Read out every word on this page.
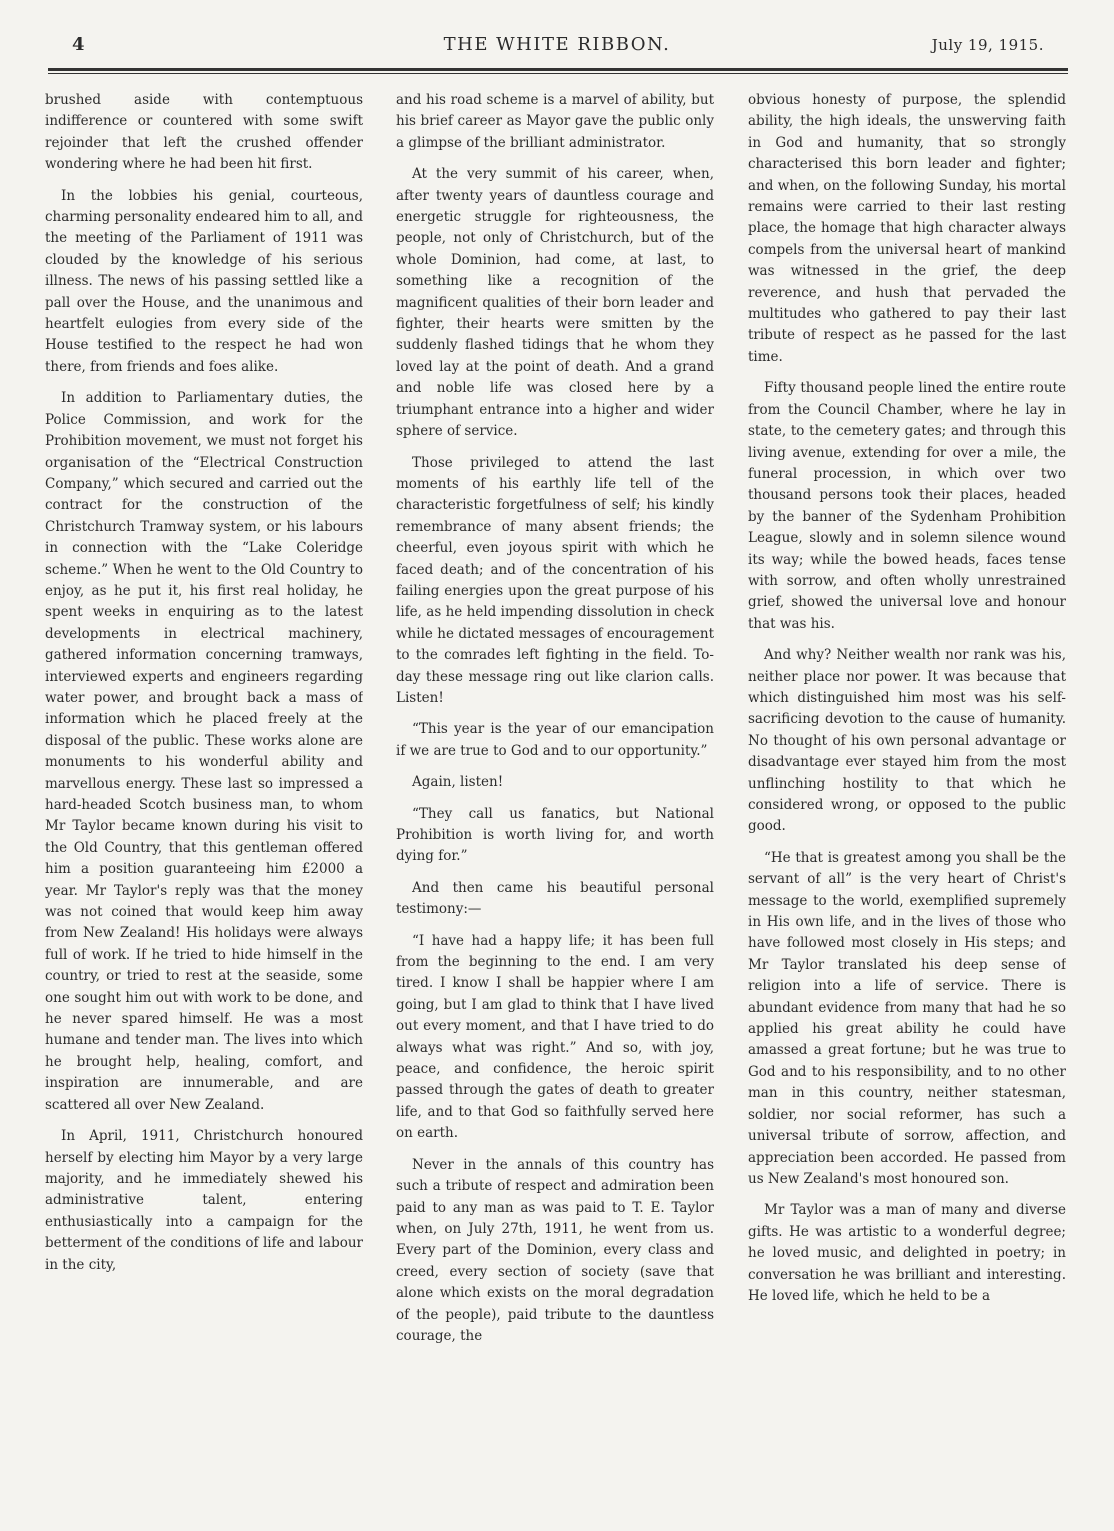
4	THE WHITE RIBBON.	July 19, 1915.

brushed aside with contemptuous indifference or countered with some swift rejoinder that left the crushed offender wondering where he had been hit first.

In the lobbies his genial, courteous, charming personality endeared him to all, and the meeting of the Parliament of 1911 was clouded by the knowledge of his serious illness. The news of his passing settled like a pall over the House, and the unanimous and heartfelt eulogies from every side of the House testified to the respect he had won there, from friends and foes alike.

In addition to Parliamentary duties, the Police Commission, and work for the Prohibition movement, we must not forget his organisation of the “Electrical Construction Company,” which secured and carried out the contract for the construction of the Christchurch Tramway system, or his labours in connection with the “Lake Coleridge scheme.” When he went to the Old Country to enjoy, as he put it, his first real holiday, he spent weeks in enquiring as to the latest developments in electrical machinery, gathered information concerning tramways, interviewed experts and engineers regarding water power, and brought back a mass of information which he placed freely at the disposal of the public. These works alone are monuments to his wonderful ability and marvellous energy. These last so impressed a hard-headed Scotch business man, to whom Mr Taylor became known during his visit to the Old Country, that this gentleman offered him a position guaranteeing him £2000 a year. Mr Taylor's reply was that the money was not coined that would keep him away from New Zealand! His holidays were always full of work. If he tried to hide himself in the country, or tried to rest at the seaside, some one sought him out with work to be done, and he never spared himself. He was a most humane and tender man. The lives into which he brought help, healing, comfort, and inspiration are innumerable, and are scattered all over New Zealand.

In April, 1911, Christchurch honoured herself by electing him Mayor by a very large majority, and he immediately shewed his administrative talent, entering enthusiastically into a campaign for the betterment of the conditions of life and labour in the city,

and his road scheme is a marvel of ability, but his brief career as Mayor gave the public only a glimpse of the brilliant administrator.

At the very summit of his career, when, after twenty years of dauntless courage and energetic struggle for righteousness, the people, not only of Christchurch, but of the whole Dominion, had come, at last, to something like a recognition of the magnificent qualities of their born leader and fighter, their hearts were smitten by the suddenly flashed tidings that he whom they loved lay at the point of death. And a grand and noble life was closed here by a triumphant entrance into a higher and wider sphere of service.

Those privileged to attend the last moments of his earthly life tell of the characteristic forgetfulness of self; his kindly remembrance of many absent friends; the cheerful, even joyous spirit with which he faced death; and of the concentration of his failing energies upon the great purpose of his life, as he held impending dissolution in check while he dictated messages of encouragement to the comrades left fighting in the field. To-day these message ring out like clarion calls. Listen!

“This year is the year of our emancipation if we are true to God and to our opportunity.”

Again, listen!

“They call us fanatics, but National Prohibition is worth living for, and worth dying for.”

And then came his beautiful personal testimony:—

“I have had a happy life; it has been full from the beginning to the end. I am very tired. I know I shall be happier where I am going, but I am glad to think that I have lived out every moment, and that I have tried to do always what was right.” And so, with joy, peace, and confidence, the heroic spirit passed through the gates of death to greater life, and to that God so faithfully served here on earth.

Never in the annals of this country has such a tribute of respect and admiration been paid to any man as was paid to T. E. Taylor when, on July 27th, 1911, he went from us. Every part of the Dominion, every class and creed, every section of society (save that alone which exists on the moral degradation of the people), paid tribute to the dauntless courage, the

obvious honesty of purpose, the splendid ability, the high ideals, the unswerving faith in God and humanity, that so strongly characterised this born leader and fighter; and when, on the following Sunday, his mortal remains were carried to their last resting place, the homage that high character always compels from the universal heart of mankind was witnessed in the grief, the deep reverence, and hush that pervaded the multitudes who gathered to pay their last tribute of respect as he passed for the last time.

Fifty thousand people lined the entire route from the Council Chamber, where he lay in state, to the cemetery gates; and through this living avenue, extending for over a mile, the funeral procession, in which over two thousand persons took their places, headed by the banner of the Sydenham Prohibition League, slowly and in solemn silence wound its way; while the bowed heads, faces tense with sorrow, and often wholly unrestrained grief, showed the universal love and honour that was his.

And why? Neither wealth nor rank was his, neither place nor power. It was because that which distinguished him most was his self-sacrificing devotion to the cause of humanity. No thought of his own personal advantage or disadvantage ever stayed him from the most unflinching hostility to that which he considered wrong, or opposed to the public good.

“He that is greatest among you shall be the servant of all” is the very heart of Christ's message to the world, exemplified supremely in His own life, and in the lives of those who have followed most closely in His steps; and Mr Taylor translated his deep sense of religion into a life of service. There is abundant evidence from many that had he so applied his great ability he could have amassed a great fortune; but he was true to God and to his responsibility, and to no other man in this country, neither statesman, soldier, nor social reformer, has such a universal tribute of sorrow, affection, and appreciation been accorded. He passed from us New Zealand's most honoured son.

Mr Taylor was a man of many and diverse gifts. He was artistic to a wonderful degree; he loved music, and delighted in poetry; in conversation he was brilliant and interesting. He loved life, which he held to be a
